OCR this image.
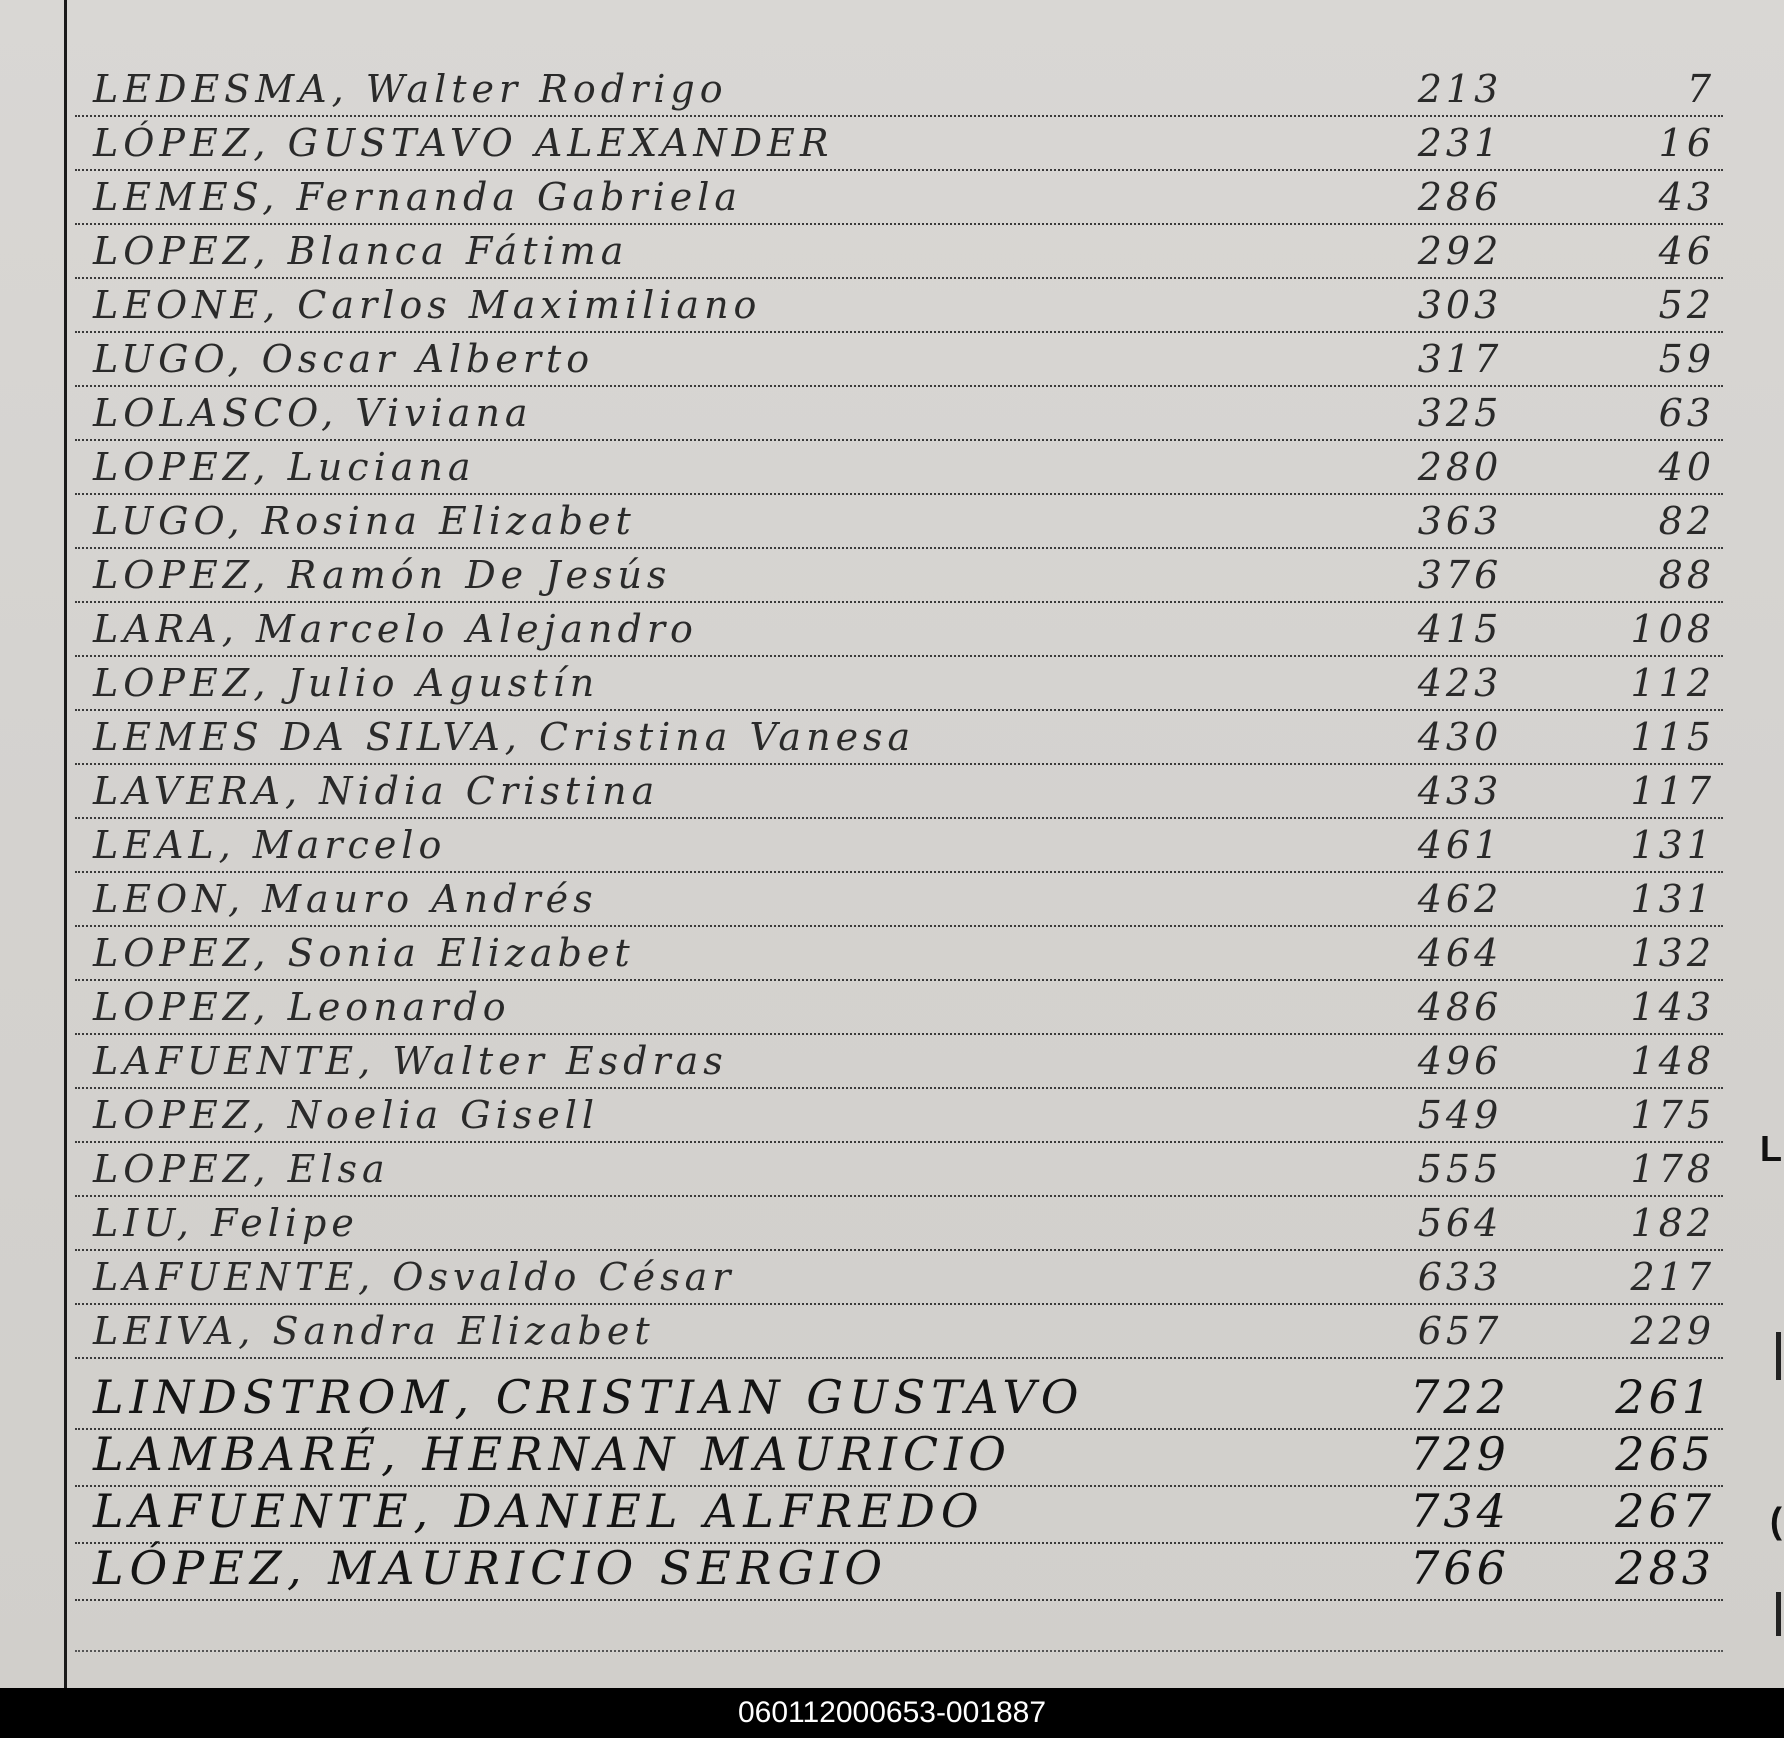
LEDESMA, Walter Rodrigo	213	7
LÓPEZ, GUSTAVO ALEXANDER	231	16
LEMES, Fernanda Gabriela	286	43
LOPEZ, Blanca Fátima	292	46
LEONE, Carlos Maximiliano	303	52
LUGO, Oscar Alberto	317	59
LOLASCO, Viviana	325	63
LOPEZ, Luciana	280	40
LUGO, Rosina Elizabet	363	82
LOPEZ, Ramón De Jesús	376	88
LARA, Marcelo Alejandro	415	108
LOPEZ, Julio Agustín	423	112
LEMES DA SILVA, Cristina Vanesa	430	115
LAVERA, Nidia Cristina	433	117
LEAL, Marcelo	461	131
LEON, Mauro Andrés	462	131
LOPEZ, Sonia Elizabet	464	132
LOPEZ, Leonardo	486	143
LAFUENTE, Walter Esdras	496	148
LOPEZ, Noelia Gisell	549	175
LOPEZ, Elsa	555	178
LIU, Felipe	564	182
LAFUENTE, Osvaldo César	633	217
LEIVA, Sandra Elizabet	657	229
LINDSTROM, CRISTIAN GUSTAVO	722	261
LAMBARÉ, HERNAN MAURICIO	729	265
LAFUENTE, DANIEL ALFREDO	734	267
LÓPEZ, MAURICIO SERGIO	766	283
L
(
060112000653-001887
